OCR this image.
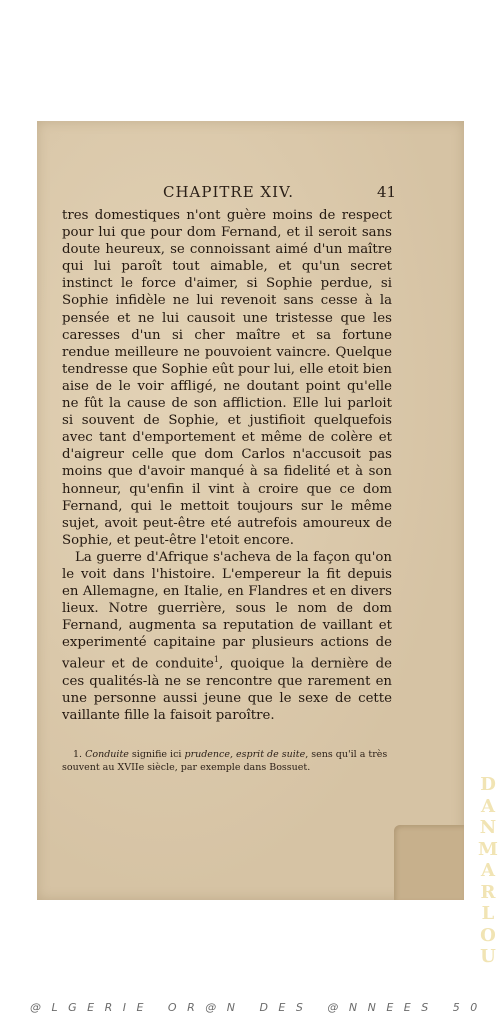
CHAPITRE XIV.	41

tres domestiques n'ont guère moins de respect pour lui que pour dom Fernand, et il seroit sans doute heureux, se connoissant aimé d'un maître qui lui paroît tout aimable, et qu'un secret instinct le force d'aimer, si Sophie perdue, si Sophie infidèle ne lui revenoit sans cesse à la pensée et ne lui causoit une tristesse que les caresses d'un si cher maître et sa fortune rendue meilleure ne pouvoient vaincre. Quelque tendresse que Sophie eût pour lui, elle etoit bien aise de le voir affligé, ne doutant point qu'elle ne fût la cause de son affliction. Elle lui parloit si souvent de Sophie, et justifioit quelquefois avec tant d'emportement et même de colère et d'aigreur celle que dom Carlos n'accusoit pas moins que d'avoir manqué à sa fidelité et à son honneur, qu'enfin il vint à croire que ce dom Fernand, qui le mettoit toujours sur le même sujet, avoit peut-être eté autrefois amoureux de Sophie, et peut-être l'etoit encore.

La guerre d'Afrique s'acheva de la façon qu'on le voit dans l'histoire. L'empereur la fit depuis en Allemagne, en Italie, en Flandres et en divers lieux. Notre guerrière, sous le nom de dom Fernand, augmenta sa reputation de vaillant et experimenté capitaine par plusieurs actions de valeur et de conduite$^1$, quoique la dernière de ces qualités-là ne se rencontre que rarement en une personne aussi jeune que le sexe de cette vaillante fille la faisoit paroître.

1. Conduite signifie ici prudence, esprit de suite, sens qu'il a très souvent au XVIIe siècle, par exemple dans Bossuet.
D
A
N
M
A
R
L
O
U
@LGERIE OR@N DES @NNEES 50
